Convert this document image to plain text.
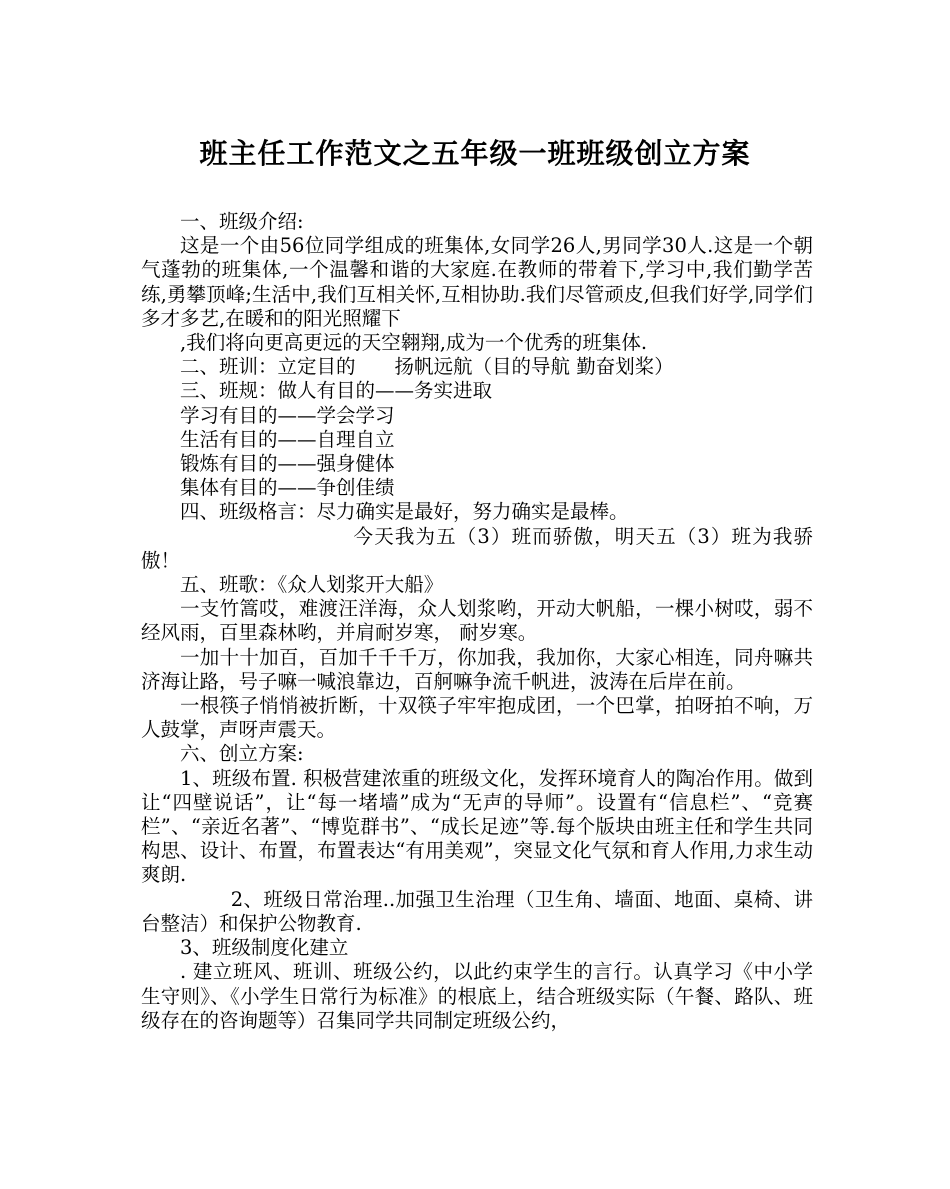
班主任工作范文之五年级一班班级创立方案

一、班级介绍:

这是一个由56位同学组成的班集体,女同学26人,男同学30人.这是一个朝气蓬勃的班集体,一个温馨和谐的大家庭.在教师的带着下,学习中,我们勤学苦练,勇攀顶峰;生活中,我们互相关怀,互相协助.我们尽管顽皮,但我们好学,同学们多才多艺,在暖和的阳光照耀下

,我们将向更高更远的天空翱翔,成为一个优秀的班集体.

二、班训：立定目的　　扬帆远航（目的导航 勤奋划桨）

三、班规：做人有目的——务实进取

学习有目的——学会学习

生活有目的——自理自立

锻炼有目的——强身健体

集体有目的——争创佳绩

四、班级格言：尽力确实是最好，努力确实是最棒。

今天我为五（3）班而骄傲，明天五（3）班为我骄傲！

五、班歌：《众人划浆开大船》

一支竹篙哎，难渡汪洋海，众人划浆哟，开动大帆船，一棵小树哎，弱不经风雨，百里森林哟，并肩耐岁寒， 耐岁寒。

一加十十加百，百加千千千万，你加我，我加你，大家心相连，同舟嘛共济海让路，号子嘛一喊浪靠边，百舸嘛争流千帆进，波涛在后岸在前。

一根筷子悄悄被折断，十双筷子牢牢抱成团，一个巴掌，拍呀拍不响，万人鼓掌，声呀声震天。

六、创立方案:

1、班级布置. 积极营建浓重的班级文化，发挥环境育人的陶冶作用。做到让“四壁说话”，让“每一堵墙”成为“无声的导师”。设置有“信息栏”、“竞赛栏”、“亲近名著”、“博览群书”、“成长足迹”等.每个版块由班主任和学生共同构思、设计、布置，布置表达“有用美观”，突显文化气氛和育人作用,力求生动爽朗.

2、班级日常治理..加强卫生治理（卫生角、墙面、地面、桌椅、讲台整洁）和保护公物教育.

3、班级制度化建立

. 建立班风、班训、班级公约，以此约束学生的言行。认真学习《中小学生守则》、《小学生日常行为标准》的根底上，结合班级实际（午餐、路队、班级存在的咨询题等）召集同学共同制定班级公约，
